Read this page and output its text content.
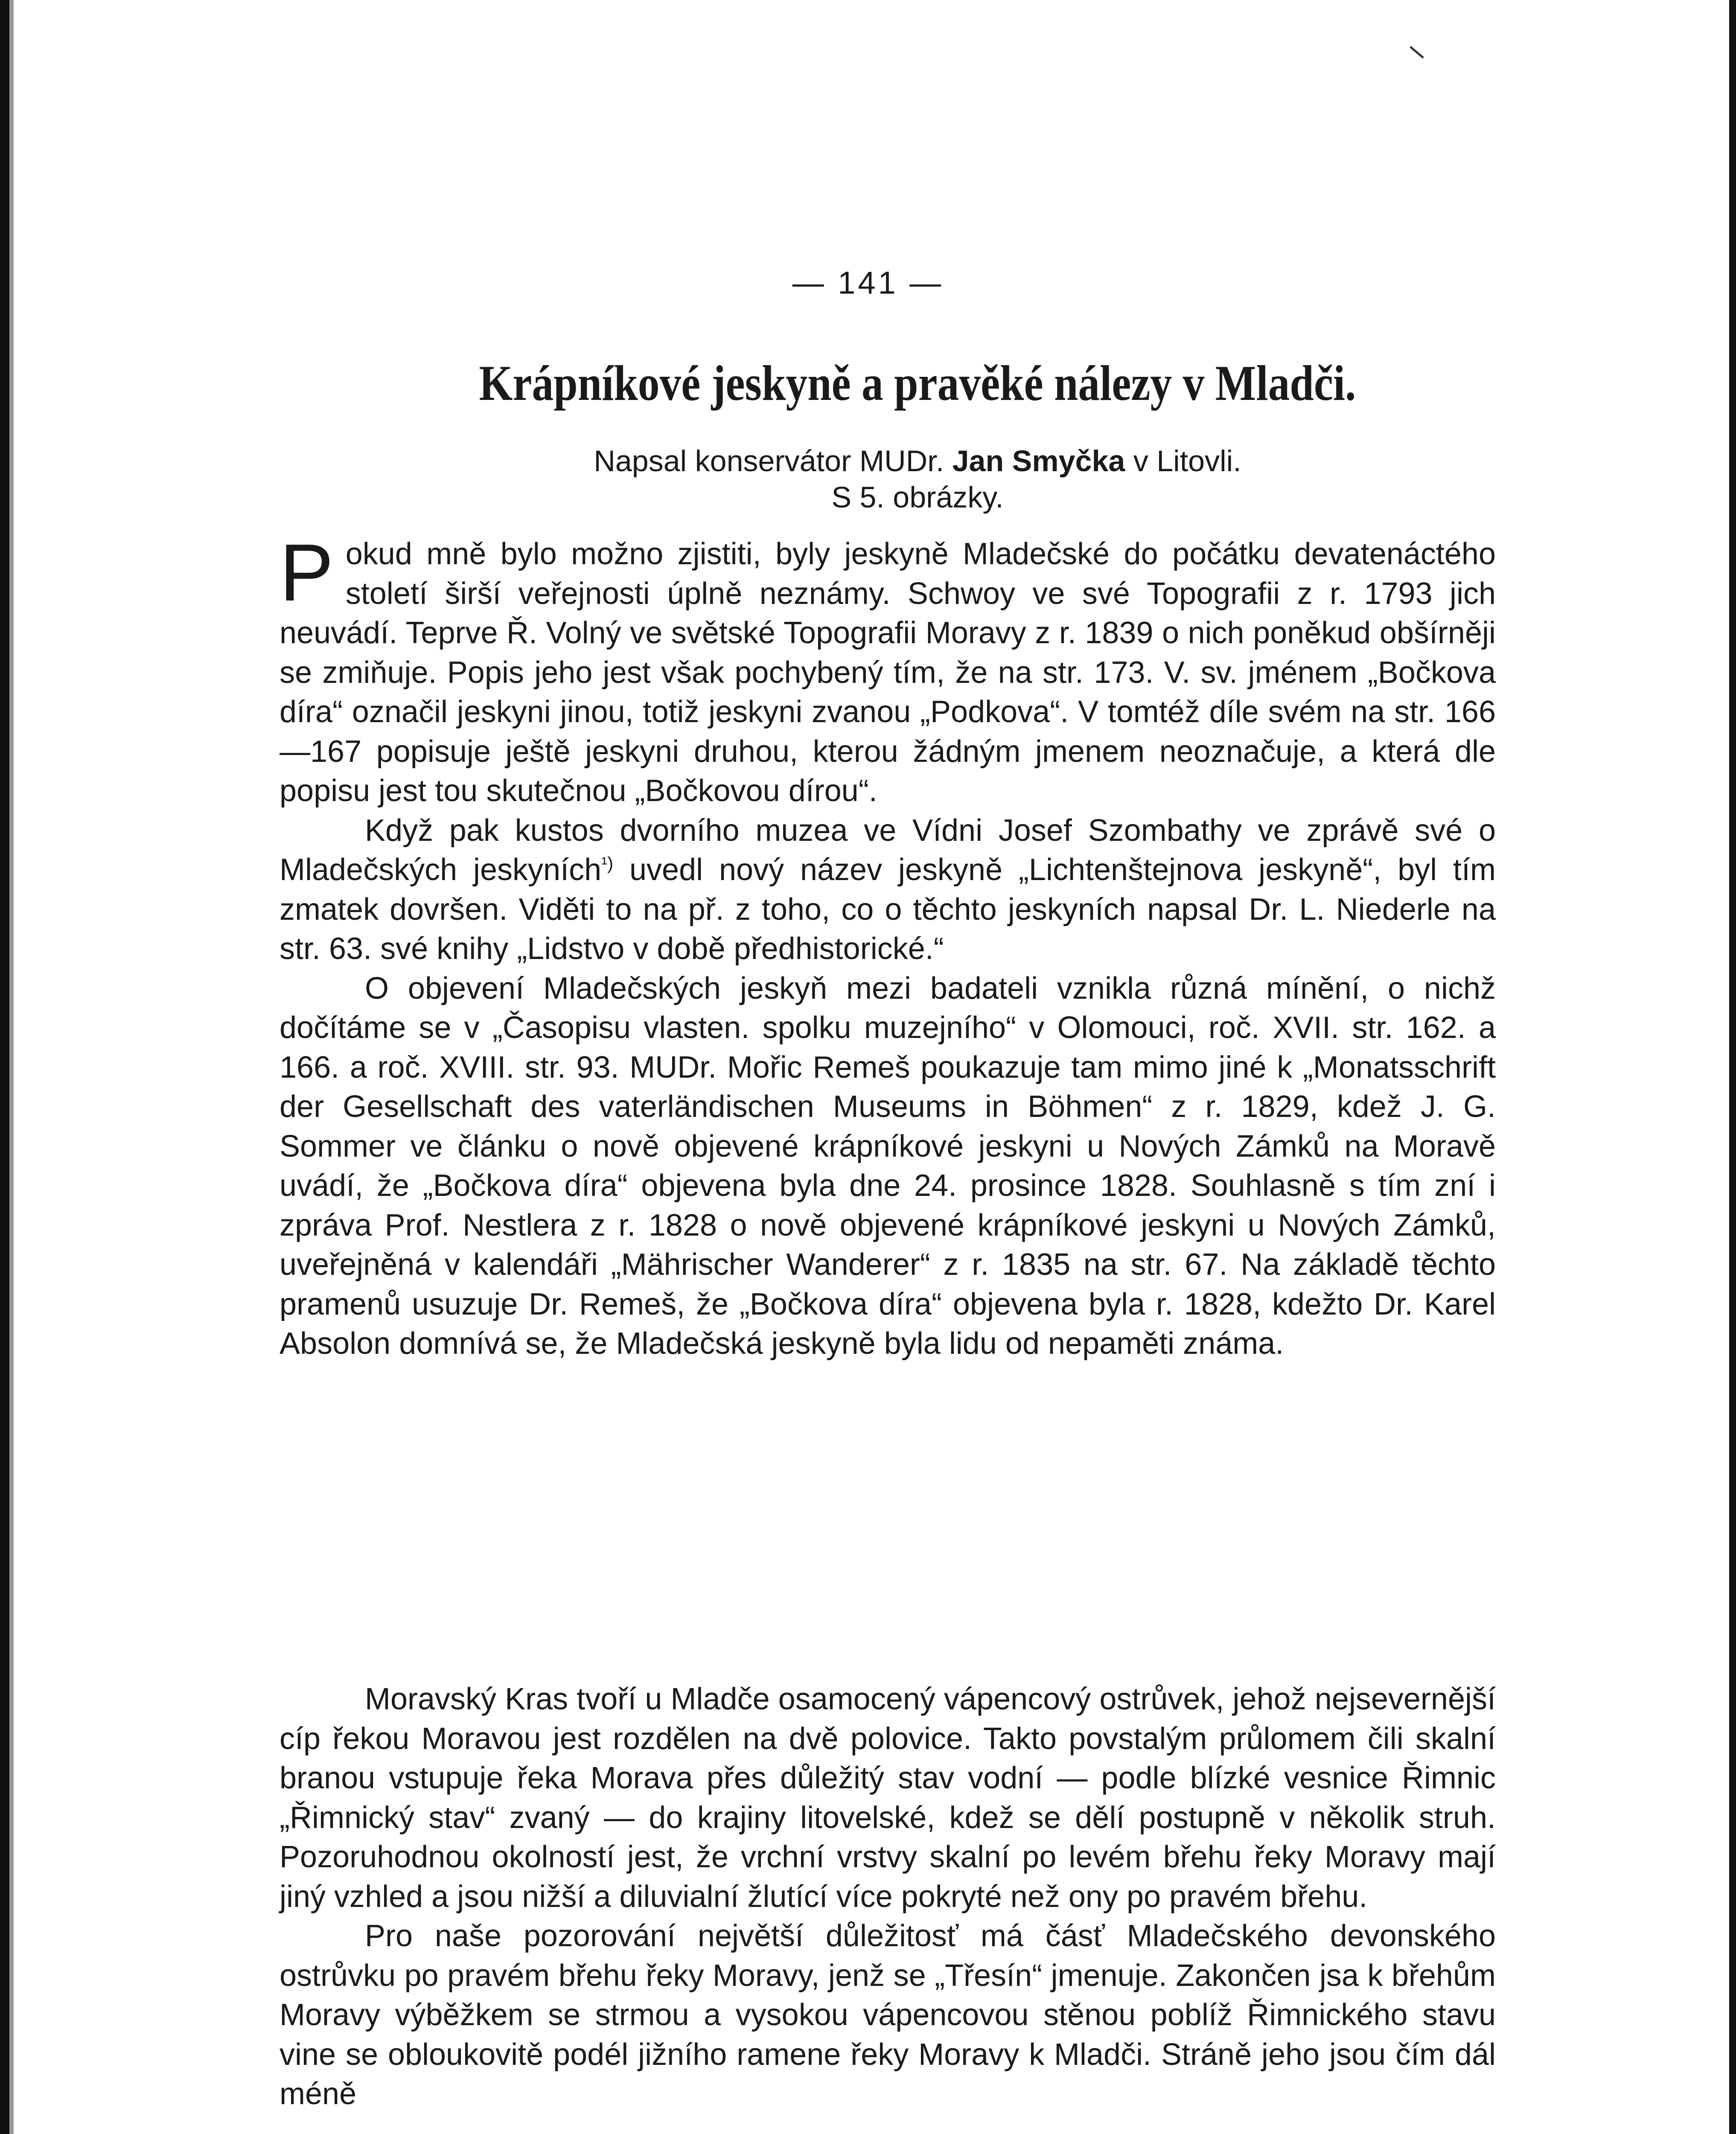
— 141 —
Krápníkové jeskyně a pravěké nálezy v Mladči.
Napsal konservátor MUDr. Jan Smyčka v Litovli.
S 5. obrázky.

Pokud mně bylo možno zjistiti, byly jeskyně Mladečské do počátku devatenáctého století širší veřejnosti úplně neznámy. Schwoy ve své Topografii z r. 1793 jich neuvádí. Teprve Ř. Volný ve světské Topografii Moravy z r. 1839 o nich poněkud obšírněji se zmiňuje. Popis jeho jest však pochybený tím, že na str. 173. V. sv. jménem „Bočkova díra“ označil jeskyni jinou, totiž jeskyni zvanou „Podkova“. V tomtéž díle svém na str. 166—167 popisuje ještě jeskyni druhou, kterou žádným jmenem neoznačuje, a která dle popisu jest tou skutečnou „Bočkovou dírou“.

Když pak kustos dvorního muzea ve Vídni Josef Szombathy ve zprávě své o Mladečských jeskyních$^{^1)}$ uvedl nový název jeskyně „Lichtenštejnova jeskyně“, byl tím zmatek dovršen. Viděti to na př. z toho, co o těchto jeskyních napsal Dr. L. Niederle na str. 63. své knihy „Lidstvo v době předhistorické.“

O objevení Mladečských jeskyň mezi badateli vznikla různá mínění, o nichž dočítáme se v „Časopisu vlasten. spolku muzejního“ v Olomouci, roč. XVII. str. 162. a 166. a roč. XVIII. str. 93. MUDr. Mořic Remeš poukazuje tam mimo jiné k „Monatsschrift der Gesellschaft des vaterländischen Museums in Böhmen“ z r. 1829, kdež J. G. Sommer ve článku o nově objevené krápníkové jeskyni u Nových Zámků na Moravě uvádí, že „Bočkova díra“ objevena byla dne 24. prosince 1828. Souhlasně s tím zní i zpráva Prof. Nestlera z r. 1828 o nově objevené krápníkové jeskyni u Nových Zámků, uveřejněná v kalendáři „Mährischer Wanderer“ z r. 1835 na str. 67. Na základě těchto pramenů usuzuje Dr. Remeš, že „Bočkova díra“ objevena byla r. 1828, kdežto Dr. Karel Absolon domnívá se, že Mladečská jeskyně byla lidu od nepaměti známa.

Moravský Kras tvoří u Mladče osamocený vápencový ostrůvek, jehož nejsevernější cíp řekou Moravou jest rozdělen na dvě polovice. Takto povstalým průlomem čili skalní branou vstupuje řeka Morava přes důležitý stav vodní — podle blízké vesnice Řimnic „Řimnický stav“ zvaný — do krajiny litovelské, kdež se dělí postupně v několik struh. Pozoruhodnou okolností jest, že vrchní vrstvy skalní po levém břehu řeky Moravy mají jiný vzhled a jsou nižší a diluvialní žlutící více pokryté než ony po pravém břehu.

Pro naše pozorování největší důležitosť má čásť Mladečského devonského ostrůvku po pravém břehu řeky Moravy, jenž se „Třesín“ jmenuje. Zakončen jsa k břehům Moravy výběžkem se strmou a vysokou vápencovou stěnou poblíž Řimnického stavu vine se obloukovitě podél jižního ramene řeky Moravy k Mladči. Stráně jeho jsou čím dál méně
